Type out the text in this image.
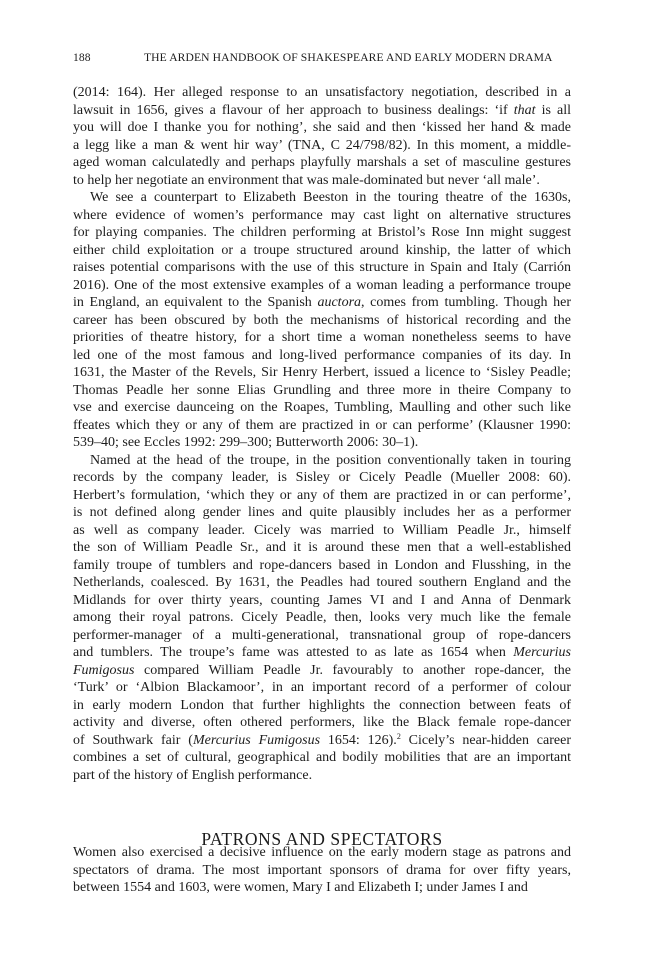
188	THE ARDEN HANDBOOK OF SHAKESPEARE AND EARLY MODERN DRAMA
(2014: 164). Her alleged response to an unsatisfactory negotiation, described in a
lawsuit in 1656, gives a flavour of her approach to business dealings: ‘if that is all
you will doe I thanke you for nothing’, she said and then ‘kissed her hand & made
a legg like a man & went hir way’ (TNA, C 24/798/82). In this moment, a middle-
aged woman calculatedly and perhaps playfully marshals a set of masculine gestures
to help her negotiate an environment that was male-dominated but never ‘all male’.
We see a counterpart to Elizabeth Beeston in the touring theatre of the 1630s,
where evidence of women’s performance may cast light on alternative structures
for playing companies. The children performing at Bristol’s Rose Inn might suggest
either child exploitation or a troupe structured around kinship, the latter of which
raises potential comparisons with the use of this structure in Spain and Italy (Carrión
2016). One of the most extensive examples of a woman leading a performance troupe
in England, an equivalent to the Spanish auctora, comes from tumbling. Though her
career has been obscured by both the mechanisms of historical recording and the
priorities of theatre history, for a short time a woman nonetheless seems to have
led one of the most famous and long-lived performance companies of its day. In
1631, the Master of the Revels, Sir Henry Herbert, issued a licence to ‘Sisley Peadle;
Thomas Peadle her sonne Elias Grundling and three more in theire Company to
vse and exercise daunceing on the Roapes, Tumbling, Maulling and other such like
ffeates which they or any of them are practized in or can performe’ (Klausner 1990:
539–40; see Eccles 1992: 299–300; Butterworth 2006: 30–1).
Named at the head of the troupe, in the position conventionally taken in touring
records by the company leader, is Sisley or Cicely Peadle (Mueller 2008: 60).
Herbert’s formulation, ‘which they or any of them are practized in or can performe’,
is not defined along gender lines and quite plausibly includes her as a performer
as well as company leader. Cicely was married to William Peadle Jr., himself
the son of William Peadle Sr., and it is around these men that a well-established
family troupe of tumblers and rope-dancers based in London and Flusshing, in the
Netherlands, coalesced. By 1631, the Peadles had toured southern England and the
Midlands for over thirty years, counting James VI and I and Anna of Denmark
among their royal patrons. Cicely Peadle, then, looks very much like the female
performer-manager of a multi-generational, transnational group of rope-dancers
and tumblers. The troupe’s fame was attested to as late as 1654 when Mercurius
Fumigosus compared William Peadle Jr. favourably to another rope-dancer, the
‘Turk’ or ‘Albion Blackamoor’, in an important record of a performer of colour
in early modern London that further highlights the connection between feats of
activity and diverse, often othered performers, like the Black female rope-dancer
of Southwark fair (Mercurius Fumigosus 1654: 126).$^2$ Cicely’s near-hidden career
combines a set of cultural, geographical and bodily mobilities that are an important
part of the history of English performance.
PATRONS AND SPECTATORS
Women also exercised a decisive influence on the early modern stage as patrons and
spectators of drama. The most important sponsors of drama for over fifty years,
between 1554 and 1603, were women, Mary I and Elizabeth I; under James I and
